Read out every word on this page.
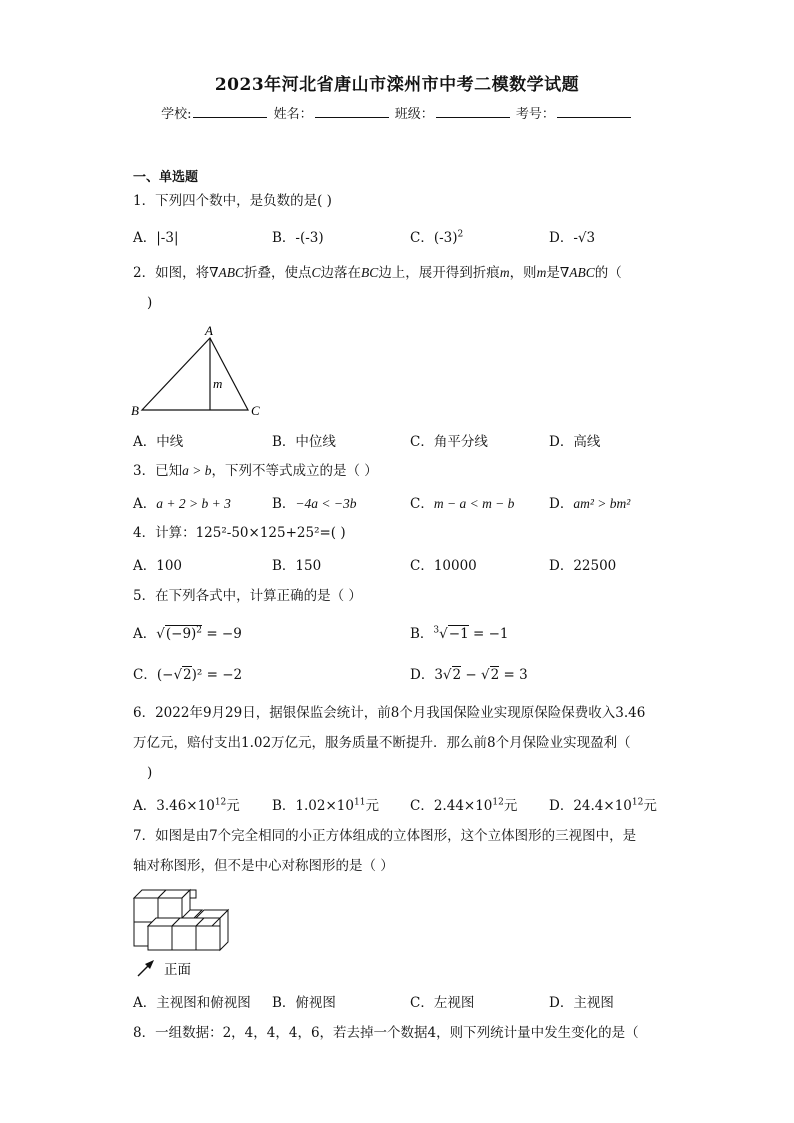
2023年河北省唐山市滦州市中考二模数学试题
学校:	姓名：	班级：	考号：
一、单选题
1．下列四个数中，是负数的是( )
A．|-3|	B．-(-3)	C．$(-3)^2$	D．-√3
2．如图，将∇ABC折叠，使点C边落在BC边上，展开得到折痕m，则m是∇ABC的（
)
A
B	C
m
A．中线	B．中位线	C．角平分线	D．高线
3．已知a > b，下列不等式成立的是（ ）
A．a + 2 > b + 3	B．−4a < −3b	C．m − a < m − b	D．am² > bm²
4．计算：125²-50×125+25²=( )
A．100	B．150	C．10000	D．22500
5．在下列各式中，计算正确的是（ ）
A．$√(-9)^2 = -9$	B．$^3$√−1 = −1
C．(−√2)² = −2	D．3√2 − √2 = 3
6．2022年9月29日，据银保监会统计，前8个月我国保险业实现原保险保费收入3.46
万亿元，赔付支出1.02万亿元，服务质量不断提升．那么前8个月保险业实现盈利（
)
A．$3.46\times 10^{12}$元 B．$1.02\times 10^{11}$元 C．$2.44\times 10^{12}$元 D．$24.4\times 10^{12}$元
7．如图是由7个完全相同的小正方体组成的立体图形，这个立体图形的三视图中，是
轴对称图形，但不是中心对称图形的是（ ）
正面
A．主视图和俯视图 B．俯视图	C．左视图	D．主视图
8．一组数据：2，4，4，4，6，若去掉一个数据4，则下列统计量中发生变化的是（
